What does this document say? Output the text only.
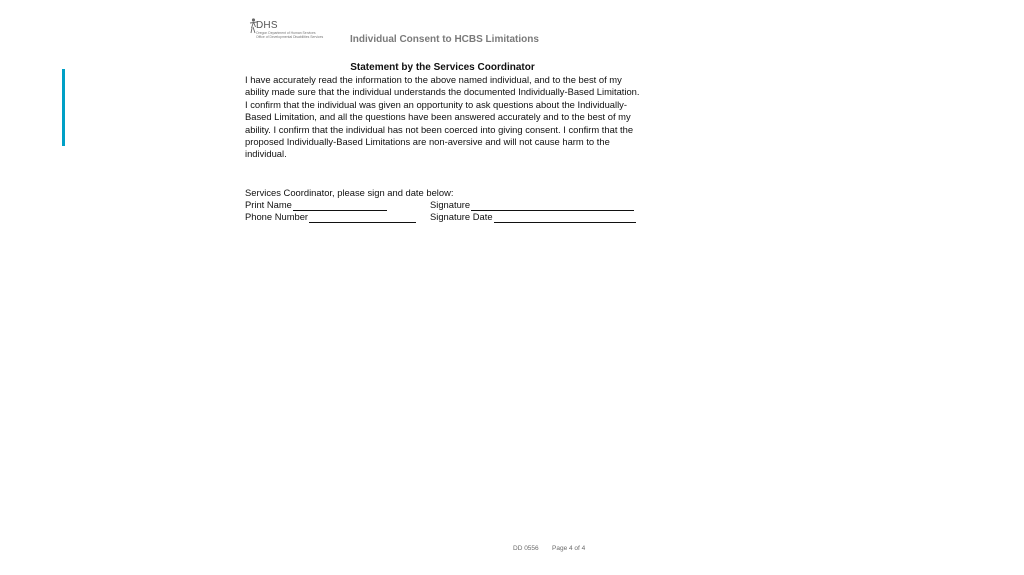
DHS
Oregon Department of Human Services
Office of Developmental Disabilities Services	Individual Consent to HCBS Limitations
Statement by the Services Coordinator

I have accurately read the information to the above named individual, and to the best of my ability made sure that the individual understands the documented Individually-Based Limitation.

I confirm that the individual was given an opportunity to ask questions about the Individually-Based Limitation, and all the questions have been answered accurately and to the best of my ability. I confirm that the individual has not been coerced into giving consent. I confirm that the proposed Individually-Based Limitations are non-aversive and will not cause harm to the individual.

Services Coordinator, please sign and date below:
Print Name	Signature
Phone Number	Signature Date
DD 0556 Page 4 of 4
